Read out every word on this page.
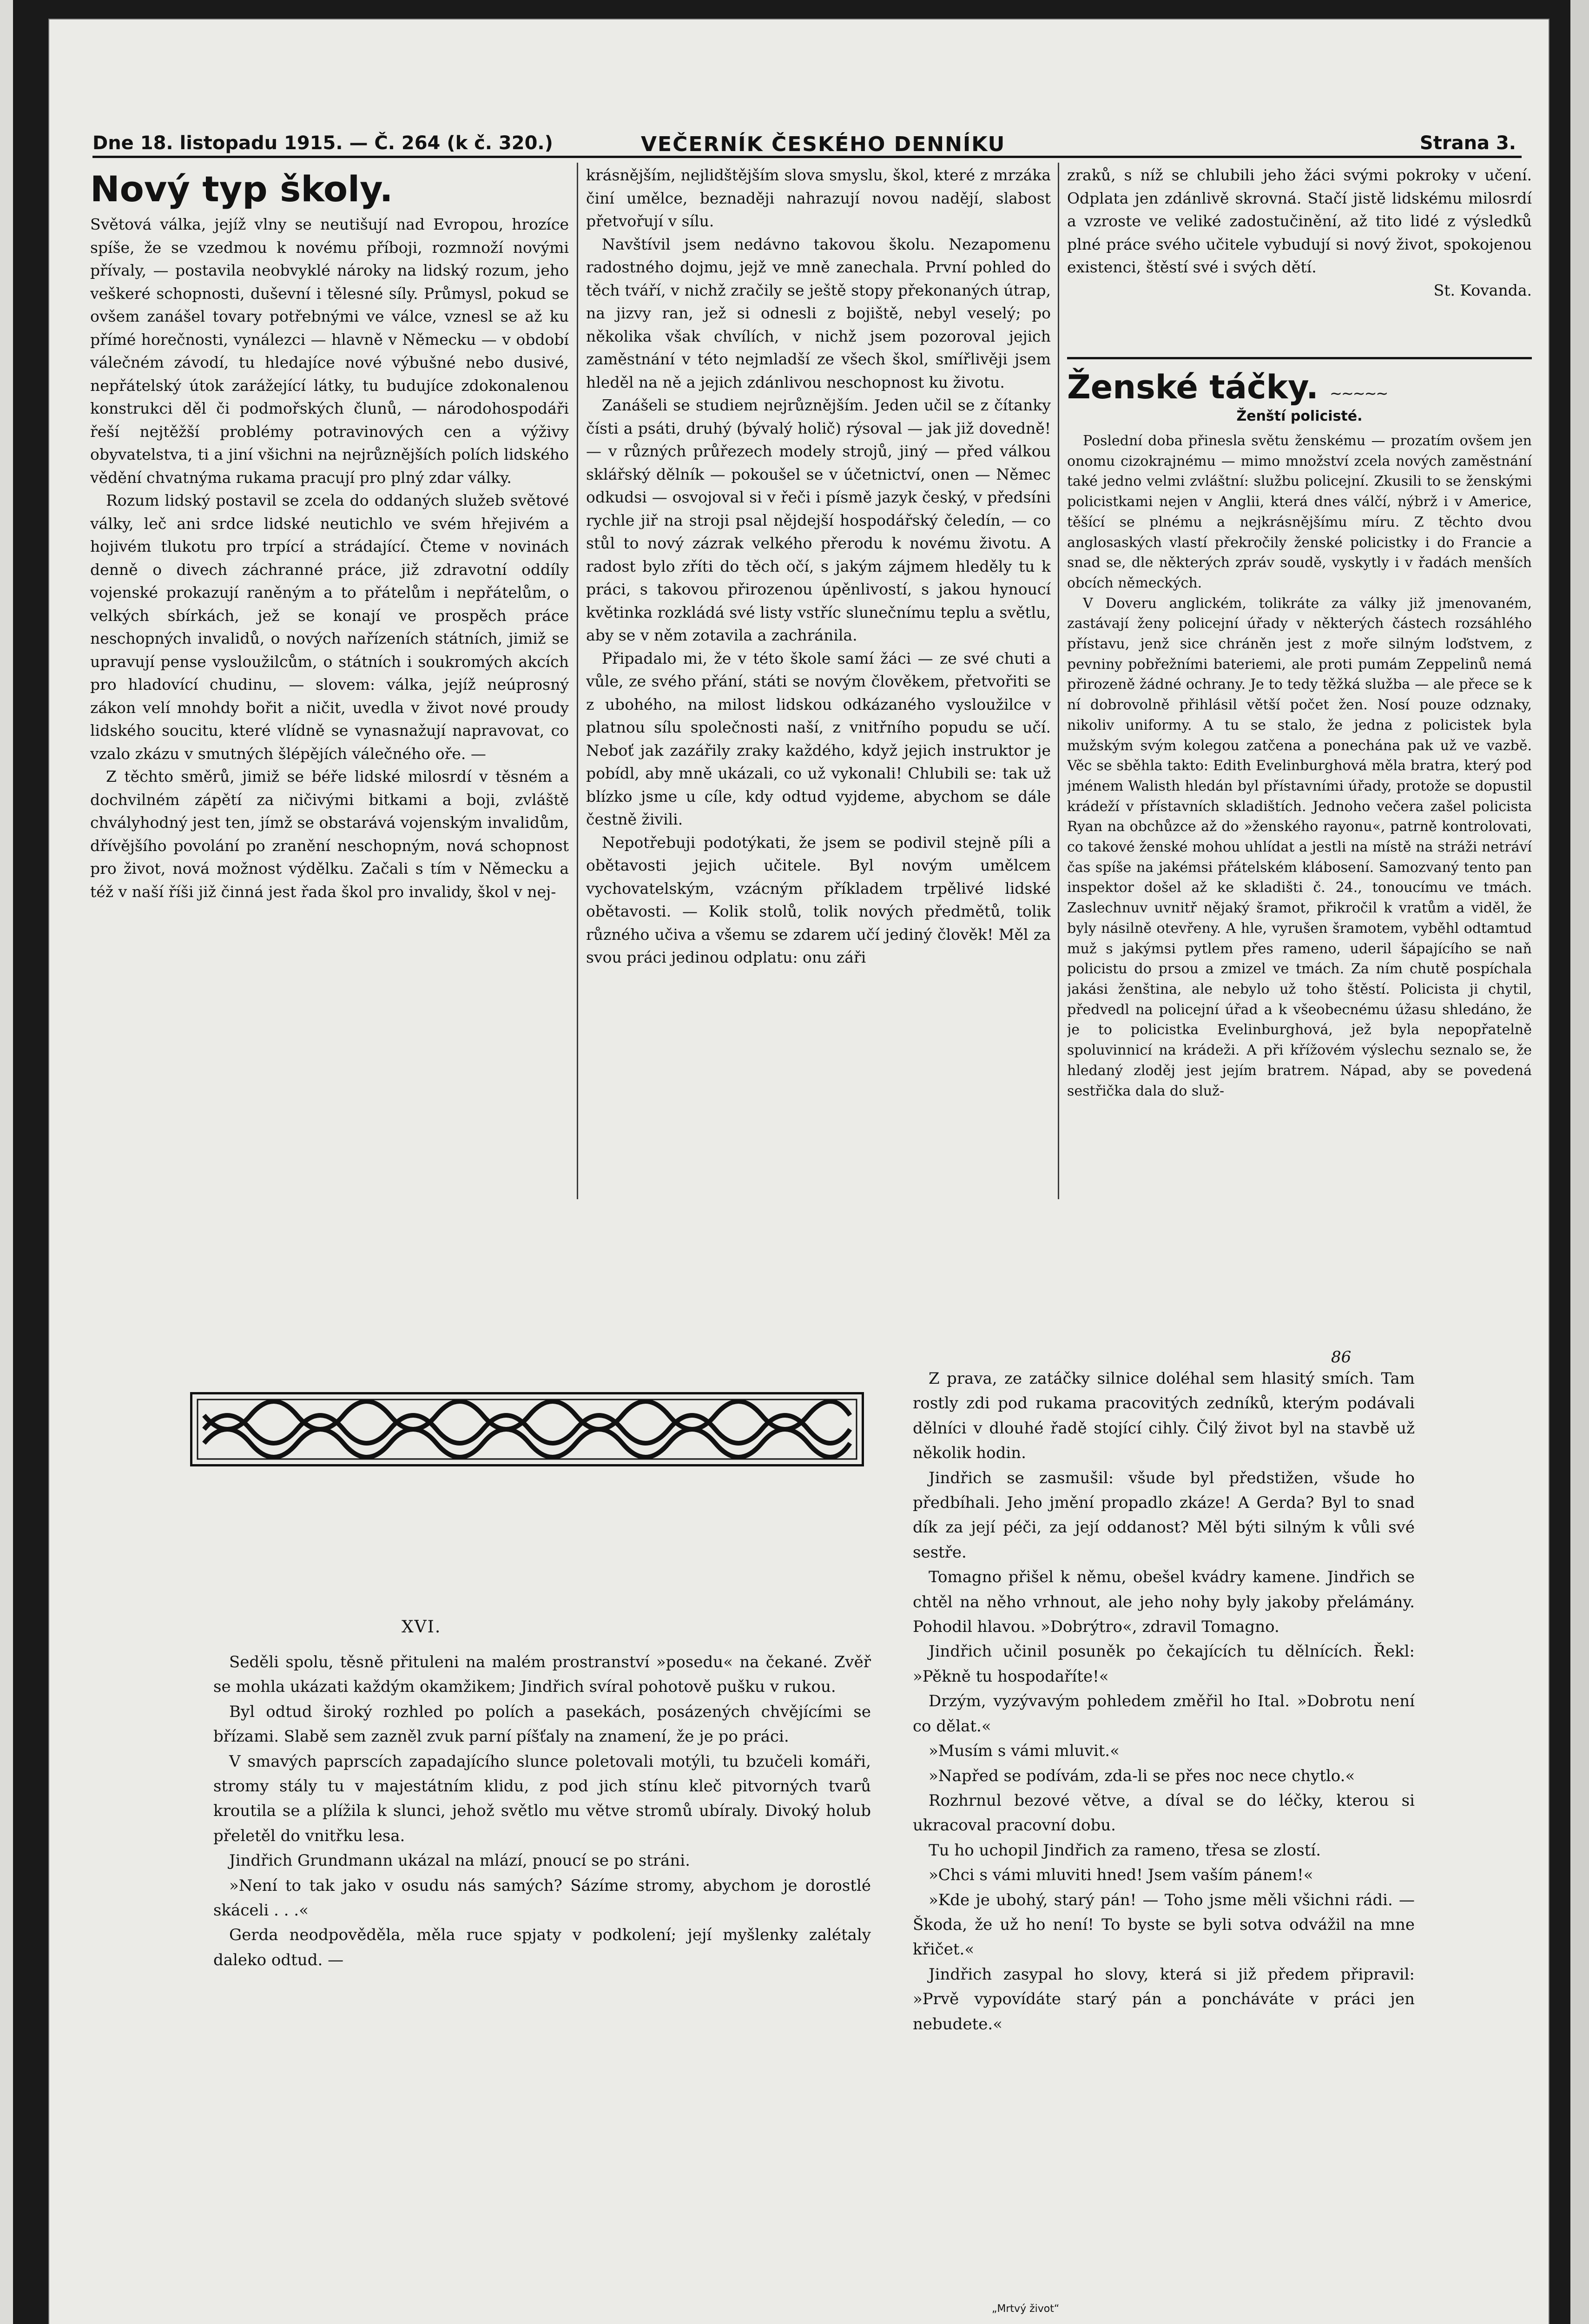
Dne 18. listopadu 1915. — Č. 264 (k č. 320.)	VEČERNÍK ČESKÉHO DENNÍKU	Strana 3.
Nový typ školy.

Světová válka, jejíž vlny se neutišují nad Evropou, hrozíce spíše, že se vzedmou k novému příboji, rozmnoží novými přívaly, — postavila neobvyklé nároky na lidský rozum, jeho veškeré schopnosti, duševní i tělesné síly. Průmysl, pokud se ovšem zanášel tovary potřebnými ve válce, vznesl se až ku přímé horečnosti, vynálezci — hlavně v Německu — v období válečném závodí, tu hledajíce nové výbušné nebo dusivé, nepřátelský útok zarážející látky, tu budujíce zdokonalenou konstrukci děl či podmořských člunů, — národohospodáři řeší nejtěžší problémy potravinových cen a výživy obyvatelstva, ti a jiní všichni na nejrůznějších polích lidského vědění chvatnýma rukama pracují pro plný zdar války.

Rozum lidský postavil se zcela do oddaných služeb světové války, leč ani srdce lidské neutichlo ve svém hřejivém a hojivém tlukotu pro trpící a strádající. Čteme v novinách denně o divech záchranné práce, již zdravotní oddíly vojenské prokazují raněným a to přátelům i nepřátelům, o velkých sbírkách, jež se konají ve prospěch práce neschopných invalidů, o nových nařízeních státních, jimiž se upravují pense vysloužilcům, o státních i soukromých akcích pro hladovící chudinu, — slovem: válka, jejíž neúprosný zákon velí mnohdy bořit a ničit, uvedla v život nové proudy lidského soucitu, které vlídně se vynasnažují napravovat, co vzalo zkázu v smutných šlépějích válečného oře. —

Z těchto směrů, jimiž se béře lidské milosrdí v těsném a dochvilném zápětí za ničivými bitkami a boji, zvláště chvályhodný jest ten, jímž se obstarává vojenským invalidům, dřívějšího povolání po zranění neschopným, nová schopnost pro život, nová možnost výdělku. Začali s tím v Německu a též v naší říši již činná jest řada škol pro invalidy, škol v nej-

krásnějším, nejlidštějším slova smyslu, škol, které z mrzáka činí umělce, beznaději nahrazují novou nadějí, slabost přetvořují v sílu.

Navštívil jsem nedávno takovou školu. Nezapomenu radostného dojmu, jejž ve mně zanechala. První pohled do těch tváří, v nichž zračily se ještě stopy překonaných útrap, na jizvy ran, jež si odnesli z bojiště, nebyl veselý; po několika však chvílích, v nichž jsem pozoroval jejich zaměstnání v této nejmladší ze všech škol, smířlivěji jsem hleděl na ně a jejich zdánlivou neschopnost ku životu.

Zanášeli se studiem nejrůznějším. Jeden učil se z čítanky čísti a psáti, druhý (bývalý holič) rýsoval — jak již dovedně! — v různých průřezech modely strojů, jiný — před válkou sklářský dělník — pokoušel se v účetnictví, onen — Němec odkudsi — osvojoval si v řeči i písmě jazyk český, v předsíni rychle jiř na stroji psal nějdejší hospodářský čeledín, — co stůl to nový zázrak velkého přerodu k novému životu. A radost bylo zříti do těch očí, s jakým zájmem hleděly tu k práci, s takovou přirozenou úpěnlivostí, s jakou hynoucí květinka rozkládá své listy vstříc slunečnímu teplu a světlu, aby se v něm zotavila a zachránila.

Připadalo mi, že v této škole samí žáci — ze své chuti a vůle, ze svého přání, státi se novým člověkem, přetvořiti se z ubohého, na milost lidskou odkázaného vysloužilce v platnou sílu společnosti naší, z vnitřního popudu se učí. Neboť jak zazářily zraky každého, když jejich instruktor je pobídl, aby mně ukázali, co už vykonali! Chlubili se: tak už blízko jsme u cíle, kdy odtud vyjdeme, abychom se dále čestně živili.

Nepotřebuji podotýkati, že jsem se podivil stejně píli a obětavosti jejich učitele. Byl novým umělcem vychovatelským, vzácným příkladem trpělivé lidské obětavosti. — Kolik stolů, tolik nových předmětů, tolik různého učiva a všemu se zdarem učí jediný člověk! Měl za svou práci jedinou odplatu: onu záři

zraků, s níž se chlubili jeho žáci svými pokroky v učení. Odplata jen zdánlivě skrovná. Stačí jistě lidskému milosrdí a vzroste ve veliké zadostučinění, až tito lidé z výsledků plné práce svého učitele vybudují si nový život, spokojenou existenci, štěstí své i svých dětí.

St. Kovanda.
Ženské táčky. ~~~~~
Ženští policisté.

Poslední doba přinesla světu ženskému — prozatím ovšem jen onomu cizokrajnému — mimo množství zcela nových zaměstnání také jedno velmi zvláštní: službu policejní. Zkusili to se ženskými policistkami nejen v Anglii, která dnes válčí, nýbrž i v Americe, těšící se plnému a nejkrásnějšímu míru. Z těchto dvou anglosaských vlastí překročily ženské policistky i do Francie a snad se, dle některých zpráv soudě, vyskytly i v řadách menších obcích německých.

V Doveru anglickém, tolikráte za války již jmenovaném, zastávají ženy policejní úřady v některých částech rozsáhlého přístavu, jenž sice chráněn jest z moře silným loďstvem, z pevniny pobřežními bateriemi, ale proti pumám Zeppelinů nemá přirozeně žádné ochrany. Je to tedy těžká služba — ale přece se k ní dobrovolně přihlásil větší počet žen. Nosí pouze odznaky, nikoliv uniformy. A tu se stalo, že jedna z policistek byla mužským svým kolegou zatčena a ponechána pak už ve vazbě. Věc se sběhla takto: Edith Evelinburghová měla bratra, který pod jménem Walisth hledán byl přístavními úřady, protože se dopustil krádeží v přístavních skladištích. Jednoho večera zašel policista Ryan na obchůzce až do »ženského rayonu«, patrně kontrolovati, co takové ženské mohou uhlídat a jestli na místě na stráži netráví čas spíše na jakémsi přátelském klábosení. Samozvaný tento pan inspektor došel až ke skladišti č. 24., tonoucímu ve tmách. Zaslechnuv uvnitř nějaký šramot, přikročil k vratům a viděl, že byly násilně otevřeny. A hle, vyrušen šramotem, vyběhl odtamtud muž s jakýmsi pytlem přes rameno, uderil šápajícího se naň policistu do prsou a zmizel ve tmách. Za ním chutě pospíchala jakási ženština, ale nebylo už toho štěstí. Policista ji chytil, předvedl na policejní úřad a k všeobecnému úžasu shledáno, že je to policistka Evelinburghová, jež byla nepopřatelně spoluvinnicí na krádeži. A při křížovém výslechu seznalo se, že hledaný zloděj jest jejím bratrem. Nápad, aby se povedená sestřička dala do služ-

86
XVI.

Seděli spolu, těsně přituleni na malém prostranství »posedu« na čekané. Zvěř se mohla ukázati každým okamžikem; Jindřich svíral pohotově pušku v rukou.

Byl odtud široký rozhled po polích a pasekách, posázených chvějícími se břízami. Slabě sem zazněl zvuk parní píšťaly na znamení, že je po práci.

V smavých paprscích zapadajícího slunce poletovali motýli, tu bzučeli komáři, stromy stály tu v majestátním klidu, z pod jich stínu kleč pitvorných tvarů kroutila se a plížila k slunci, jehož světlo mu větve stromů ubíraly. Divoký holub přeletěl do vnitřku lesa.

Jindřich Grundmann ukázal na mlází, pnoucí se po stráni.

»Není to tak jako v osudu nás samých? Sázíme stromy, abychom je dorostlé skáceli . . .«

Gerda neodpověděla, měla ruce spjaty v podkolení; její myšlenky zalétaly daleko odtud. —

Z prava, ze zatáčky silnice doléhal sem hlasitý smích. Tam rostly zdi pod rukama pracovitých zedníků, kterým podávali dělníci v dlouhé řadě stojící cihly. Čilý život byl na stavbě už několik hodin.

Jindřich se zasmušil: všude byl předstižen, všude ho předbíhali. Jeho jmění propadlo zkáze! A Gerda? Byl to snad dík za její péči, za její oddanost? Měl býti silným k vůli své sestře.

Tomagno přišel k němu, obešel kvádry kamene. Jindřich se chtěl na něho vrhnout, ale jeho nohy byly jakoby přelámány. Pohodil hlavou. »Dobrýtro«, zdravil Tomagno.

Jindřich učinil posuněk po čekajících tu dělnících. Řekl: »Pěkně tu hospodaříte!«

Drzým, vyzývavým pohledem změřil ho Ital. »Dobrotu není co dělat.«

»Musím s vámi mluvit.«

»Napřed se podívám, zda-li se přes noc nece chytlo.«

Rozhrnul bezové větve, a díval se do léčky, kterou si ukracoval pracovní dobu.

Tu ho uchopil Jindřich za rameno, třesa se zlostí.

»Chci s vámi mluviti hned! Jsem vaším pánem!«

»Kde je ubohý, starý pán! — Toho jsme měli všichni rádi. — Škoda, že už ho není! To byste se byli sotva odvážil na mne křičet.«

Jindřich zasypal ho slovy, která si již předem připravil: »Prvě vypovídáte starý pán a poncháváte v práci jen nebudete.«

„Mrtvý život“
